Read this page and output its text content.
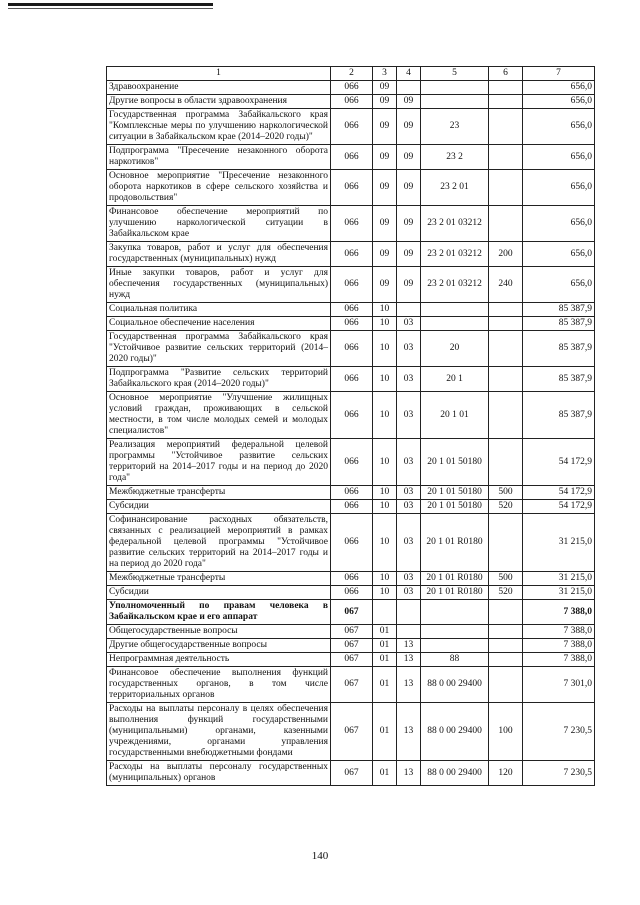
1	2	3	4	5	6	7
Здравоохранение	066	09				656,0
Другие вопросы в области здравоохранения	066	09	09			656,0
Государственная программа Забайкальского края "Комплексные меры по улучшению наркологической ситуации в Забайкальском крае (2014–2020 годы)"	066	09	09	23		656,0
Подпрограмма "Пресечение незаконного оборота наркотиков"	066	09	09	23 2		656,0
Основное мероприятие "Пресечение незаконного оборота наркотиков в сфере сельского хозяйства и продовольствия"	066	09	09	23 2 01		656,0
Финансовое обеспечение мероприятий по улучшению наркологической ситуации в Забайкальском крае	066	09	09	23 2 01 03212		656,0
Закупка товаров, работ и услуг для обеспечения государственных (муниципальных) нужд	066	09	09	23 2 01 03212	200	656,0
Иные закупки товаров, работ и услуг для обеспечения государственных (муниципальных) нужд	066	09	09	23 2 01 03212	240	656,0
Социальная политика	066	10				85 387,9
Социальное обеспечение населения	066	10	03			85 387,9
Государственная программа Забайкальского края "Устойчивое развитие сельских территорий (2014–2020 годы)"	066	10	03	20		85 387,9
Подпрограмма "Развитие сельских территорий Забайкальского края (2014–2020 годы)"	066	10	03	20 1		85 387,9
Основное мероприятие "Улучшение жилищных условий граждан, проживающих в сельской местности, в том числе молодых семей и молодых специалистов"	066	10	03	20 1 01		85 387,9
Реализация мероприятий федеральной целевой программы "Устойчивое развитие сельских территорий на 2014–2017 годы и на период до 2020 года"	066	10	03	20 1 01 50180		54 172,9
Межбюджетные трансферты	066	10	03	20 1 01 50180	500	54 172,9
Субсидии	066	10	03	20 1 01 50180	520	54 172,9
Софинансирование расходных обязательств, связанных с реализацией мероприятий в рамках федеральной целевой программы "Устойчивое развитие сельских территорий на 2014–2017 годы и на период до 2020 года"	066	10	03	20 1 01 R0180		31 215,0
Межбюджетные трансферты	066	10	03	20 1 01 R0180	500	31 215,0
Субсидии	066	10	03	20 1 01 R0180	520	31 215,0
Уполномоченный по правам человека в Забайкальском крае и его аппарат	067					7 388,0
Общегосударственные вопросы	067	01				7 388,0
Другие общегосударственные вопросы	067	01	13			7 388,0
Непрограммная деятельность	067	01	13	88		7 388,0
Финансовое обеспечение выполнения функций государственных органов, в том числе территориальных органов	067	01	13	88 0 00 29400		7 301,0
Расходы на выплаты персоналу в целях обеспечения выполнения функций государственными (муниципальными) органами, казенными учреждениями, органами управления государственными внебюджетными фондами	067	01	13	88 0 00 29400	100	7 230,5
Расходы на выплаты персоналу государственных (муниципальных) органов	067	01	13	88 0 00 29400	120	7 230,5
140
